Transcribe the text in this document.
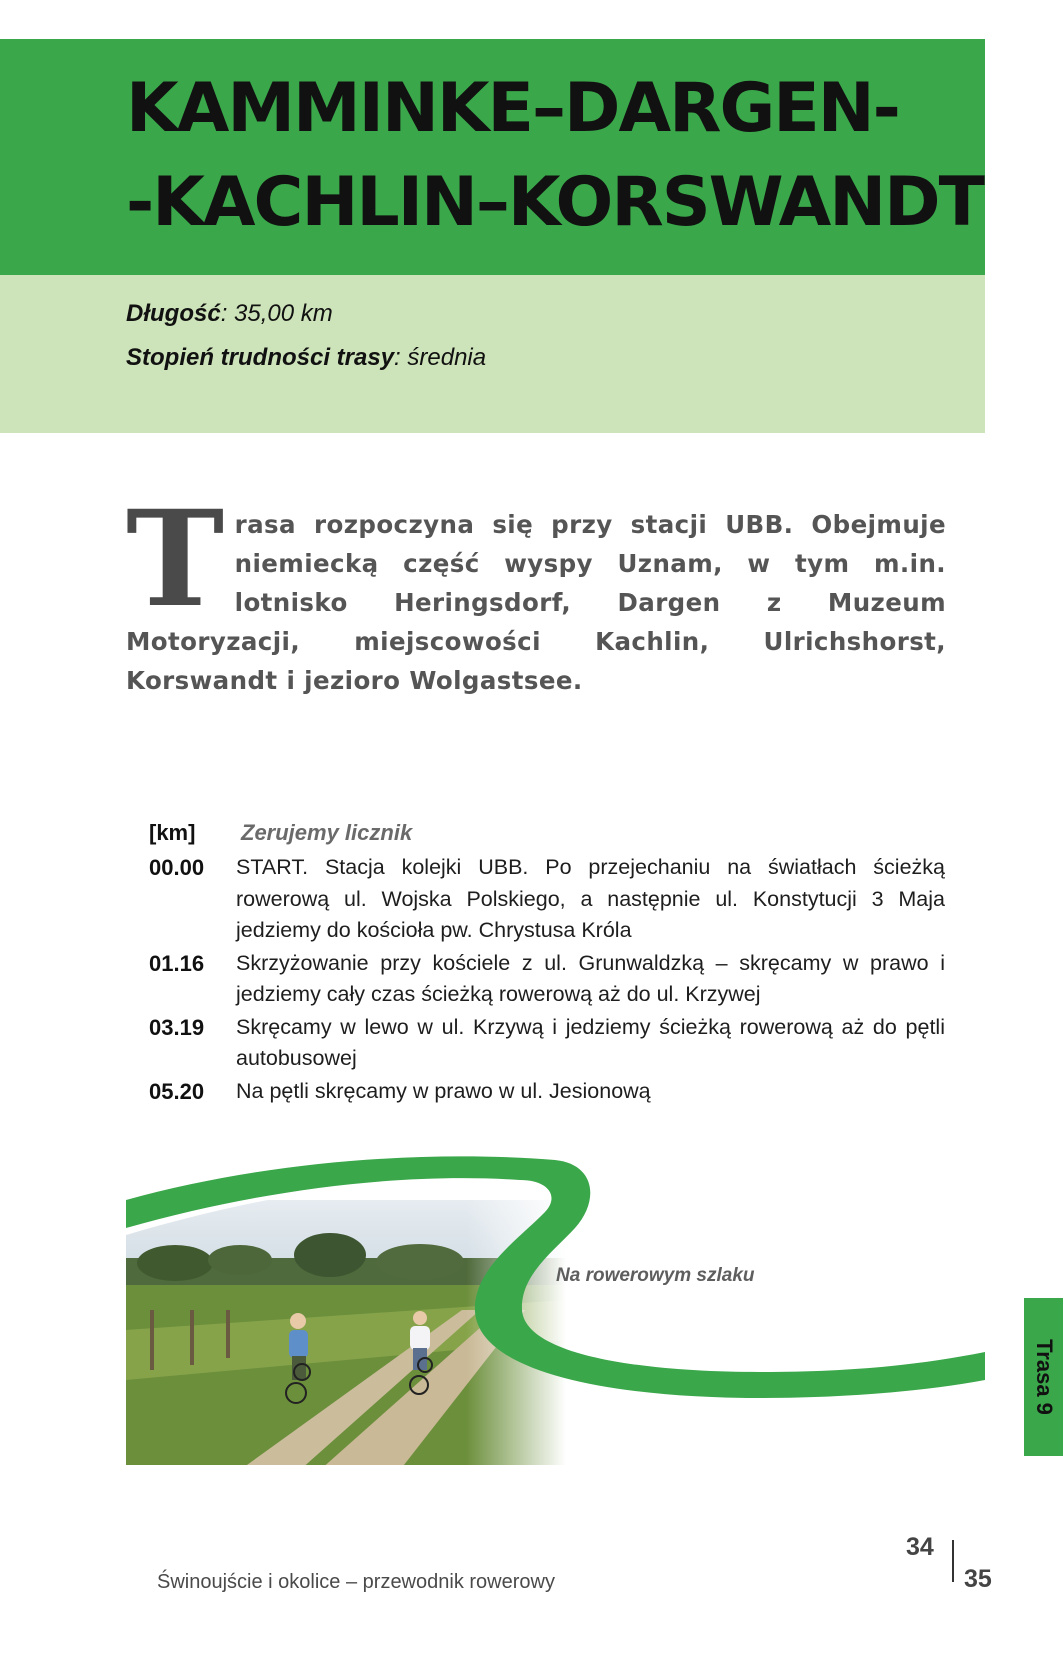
KAMMINKE–DARGEN-
-KACHLIN–KORSWANDT
Długość: 35,00 km
Stopień trudności trasy: średnia
Trasa rozpoczyna się przy stacji UBB. Obejmuje niemiecką część wyspy Uznam, w tym m.in. lotnisko Heringsdorf, Dargen z Muzeum Motoryzacji, miejscowości Kachlin, Ulrichshorst, Korswandt i jezioro Wolgastsee.
[km] Zerujemy licznik
00.00 START. Stacja kolejki UBB. Po przejechaniu na światłach ścieżką rowerową ul. Wojska Polskiego, a następnie ul. Konstytucji 3 Maja jedziemy do kościoła pw. Chrystusa Króla
01.16 Skrzyżowanie przy kościele z ul. Grunwaldzką – skręcamy w prawo i jedziemy cały czas ścieżką rowerową aż do ul. Krzywej
03.19 Skręcamy w lewo w ul. Krzywą i jedziemy ścieżką rowerową aż do pętli autobusowej
05.20 Na pętli skręcamy w prawo w ul. Jesionową
Na rowerowym szlaku
Trasa 9
Świnoujście i okolice – przewodnik rowerowy
34
35
